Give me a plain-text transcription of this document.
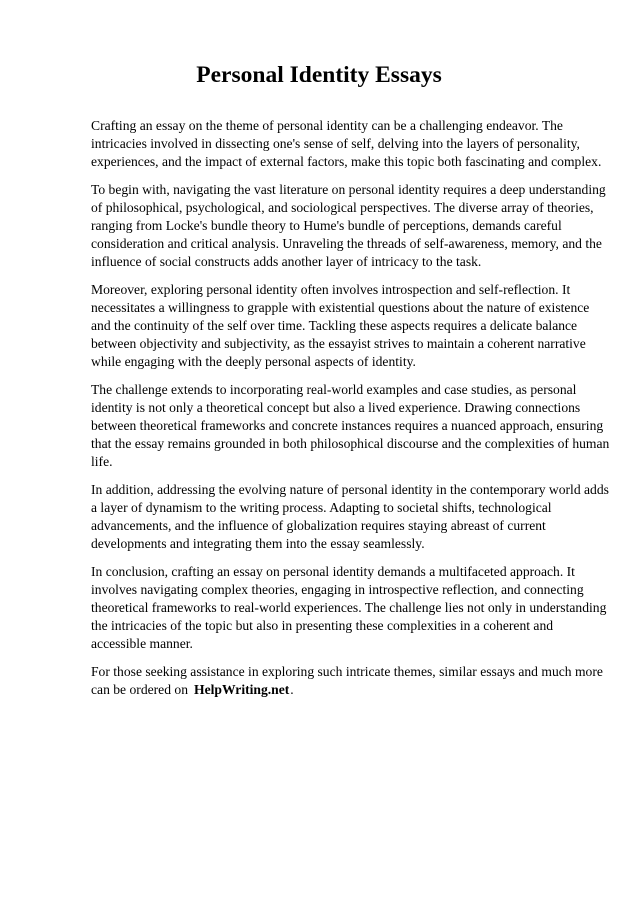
Personal Identity Essays

Crafting an essay on the theme of personal identity can be a challenging endeavor. The intricacies involved in dissecting one's sense of self, delving into the layers of personality, experiences, and the impact of external factors, make this topic both fascinating and complex.

To begin with, navigating the vast literature on personal identity requires a deep understanding of philosophical, psychological, and sociological perspectives. The diverse array of theories, ranging from Locke's bundle theory to Hume's bundle of perceptions, demands careful consideration and critical analysis. Unraveling the threads of self-awareness, memory, and the influence of social constructs adds another layer of intricacy to the task.

Moreover, exploring personal identity often involves introspection and self-reflection. It necessitates a willingness to grapple with existential questions about the nature of existence and the continuity of the self over time. Tackling these aspects requires a delicate balance between objectivity and subjectivity, as the essayist strives to maintain a coherent narrative while engaging with the deeply personal aspects of identity.

The challenge extends to incorporating real-world examples and case studies, as personal identity is not only a theoretical concept but also a lived experience. Drawing connections between theoretical frameworks and concrete instances requires a nuanced approach, ensuring that the essay remains grounded in both philosophical discourse and the complexities of human life.

In addition, addressing the evolving nature of personal identity in the contemporary world adds a layer of dynamism to the writing process. Adapting to societal shifts, technological advancements, and the influence of globalization requires staying abreast of current developments and integrating them into the essay seamlessly.

In conclusion, crafting an essay on personal identity demands a multifaceted approach. It involves navigating complex theories, engaging in introspective reflection, and connecting theoretical frameworks to real-world experiences. The challenge lies not only in understanding the intricacies of the topic but also in presenting these complexities in a coherent and accessible manner.

For those seeking assistance in exploring such intricate themes, similar essays and much more can be ordered on HelpWriting.net.
